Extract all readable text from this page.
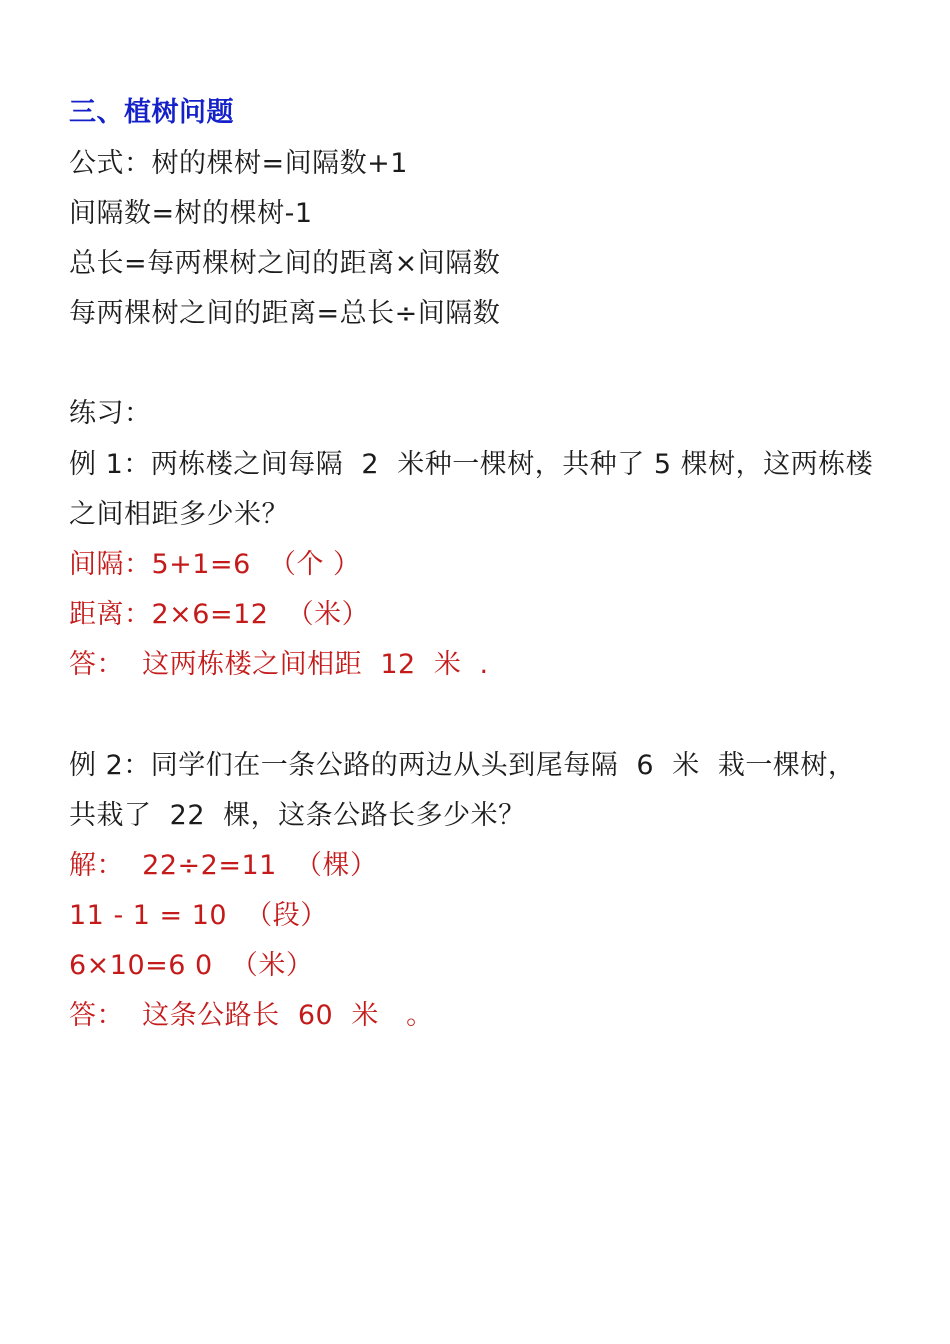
三、植树问题
公式：树的棵树=间隔数+1
间隔数=树的棵树-1
总长=每两棵树之间的距离×间隔数
每两棵树之间的距离=总长÷间隔数
练习：
例 1：两栋楼之间每隔  2  米种一棵树，共种了 5 棵树，这两栋楼
之间相距多少米？
间隔：5+1=6  （个 ）
距离：2×6=12  （米）
答：  这两栋楼之间相距  12  米  .
例 2：同学们在一条公路的两边从头到尾每隔  6  米  栽一棵树，
共栽了  22  棵，这条公路长多少米？
解：  22÷2=11  （棵）
11 - 1 = 10  （段）
6×10=6 0  （米）
答：  这条公路长  60  米   。
